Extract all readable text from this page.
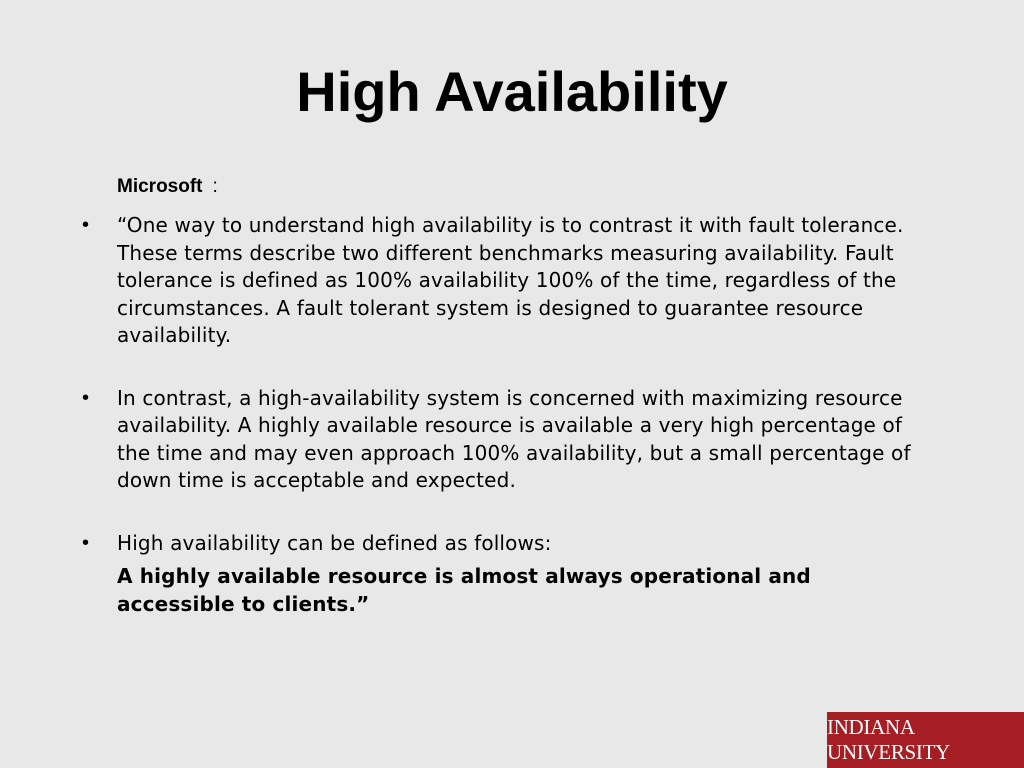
High Availability
Microsoft :
• “One way to understand high availability is to contrast it with fault tolerance. These terms describe two different benchmarks measuring availability. Fault tolerance is defined as 100% availability 100% of the time, regardless of the circumstances. A fault tolerant system is designed to guarantee resource availability.
• In contrast, a high-availability system is concerned with maximizing resource availability. A highly available resource is available a very high percentage of the time and may even approach 100% availability, but a small percentage of down time is acceptable and expected.
• High availability can be defined as follows:
A highly available resource is almost always operational and accessible to clients.”
INDIANA UNIVERSITY
